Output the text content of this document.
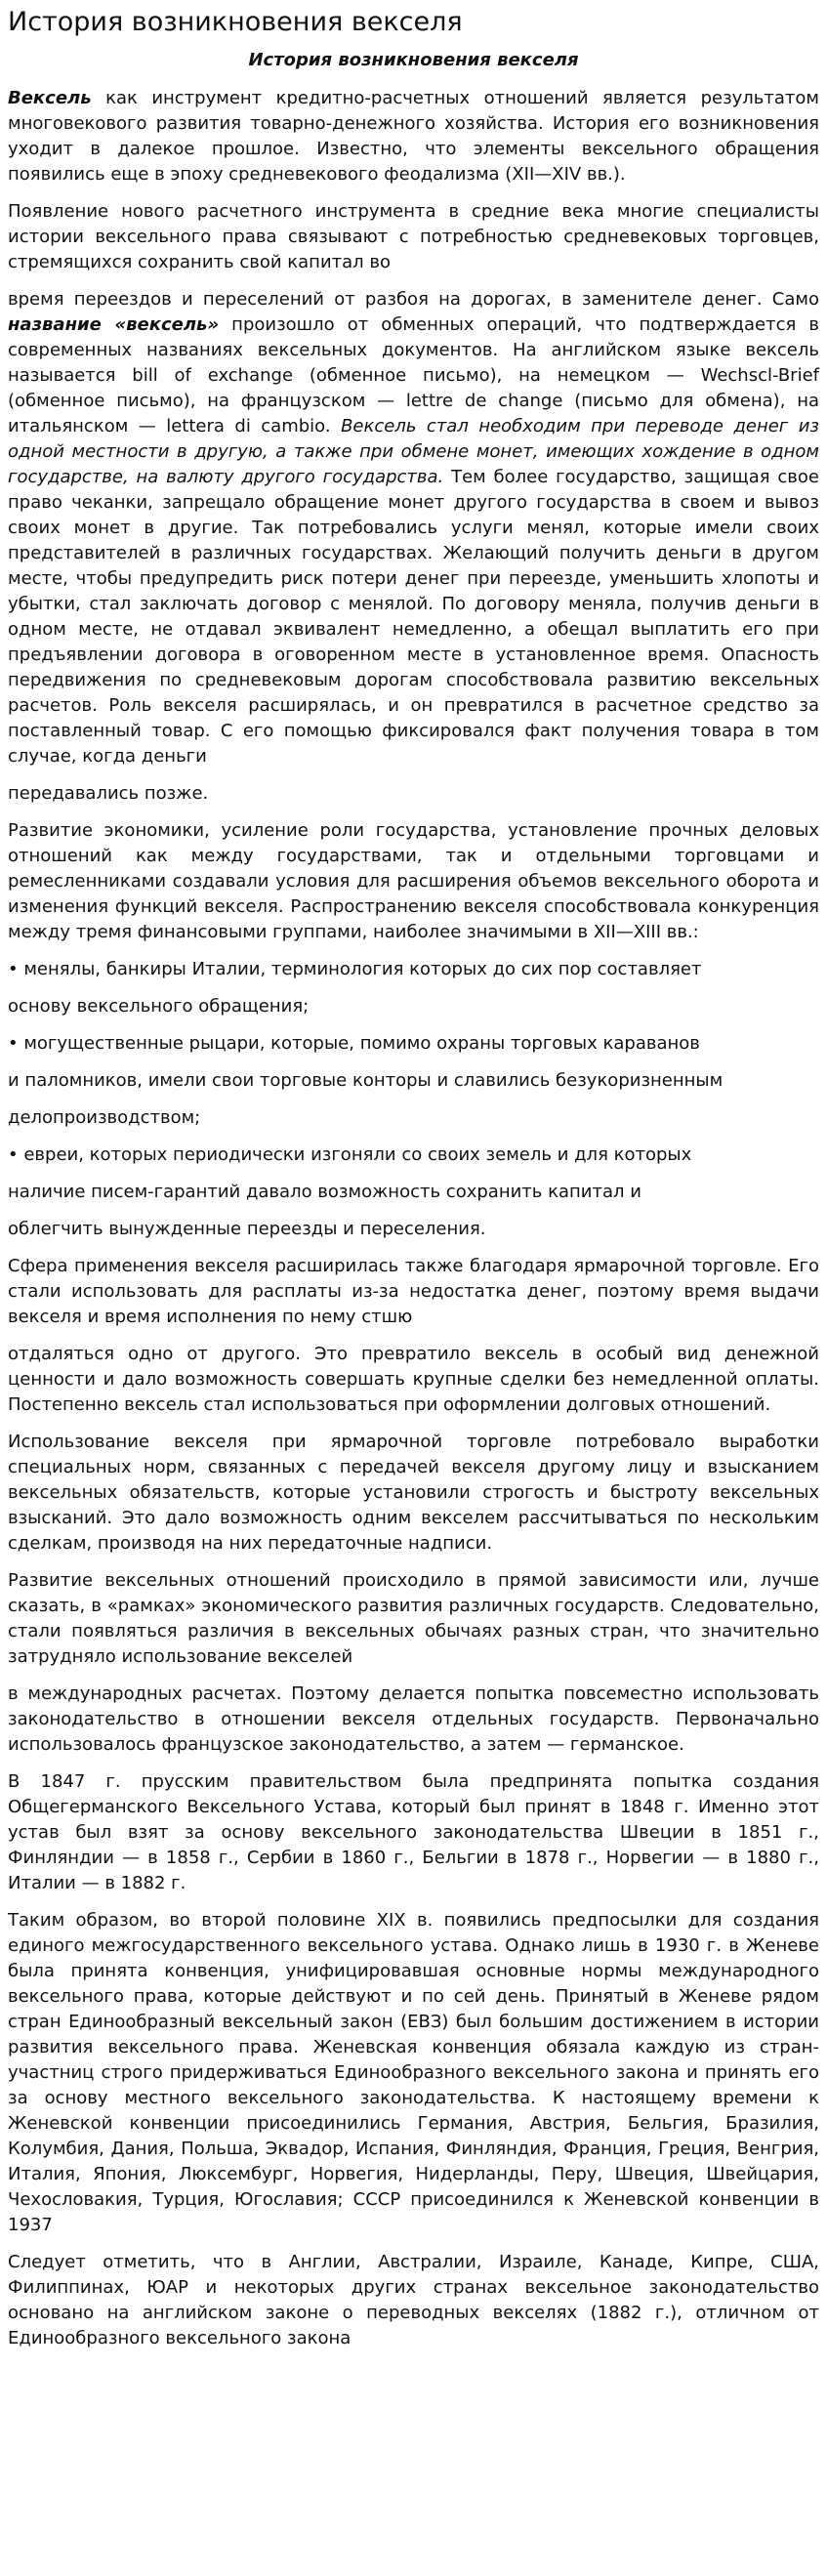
История возникновения векселя
История возникновения векселя

Вексель как инструмент кредитно-расчетных отношений является результатом многовекового развития товарно-денежного хозяйства. История его возникновения уходит в далекое прошлое. Известно, что элементы вексельного обращения появились еще в эпоху средневекового феодализма (XII—XIV вв.).

Появление нового расчетного инструмента в средние века многие специалисты истории вексельного права связывают с потребностью средневековых торговцев, стремящихся сохранить свой капитал во

время переездов и переселений от разбоя на дорогах, в заменителе денег. Само название «вексель» произошло от обменных операций, что подтверждается в современных названиях вексельных документов. На английском языке вексель называется bill of exchange (обменное письмо), на немецком — Wechscl-Brief (обменное письмо), на французском — lettre de change (письмо для обмена), на итальянском — lettera di cambio. Вексель стал необходим при переводе денег из одной местности в другую, а также при обмене монет, имеющих хождение в одном государстве, на валюту другого государства. Тем более государство, защищая свое право чеканки, запрещало обращение монет другого государства в своем и вывоз своих монет в другие. Так потребовались услуги менял, которые имели своих представителей в различных государствах. Желающий получить деньги в другом месте, чтобы предупредить риск потери денег при переезде, уменьшить хлопоты и убытки, стал заключать договор с менялой. По договору меняла, получив деньги в одном месте, не отдавал эквивалент немедленно, а обещал выплатить его при предъявлении договора в оговоренном месте в установленное время. Опасность передвижения по средневековым дорогам способствовала развитию вексельных расчетов. Роль векселя расширялась, и он превратился в расчетное средство за поставленный товар. С его помощью фиксировался факт получения товара в том случае, когда деньги

передавались позже.

Развитие экономики, усиление роли государства, установление прочных деловых отношений как между государствами, так и отдельными торговцами и ремесленниками создавали условия для расширения объемов вексельного оборота и изменения функций векселя. Распространению векселя способствовала конкуренция между тремя финансовыми группами, наиболее значимыми в XII—XIII вв.:

• менялы, банкиры Италии, терминология которых до сих пор составляет

основу вексельного обращения;

• могущественные рыцари, которые, помимо охраны торговых караванов

и паломников, имели свои торговые конторы и славились безукоризненным

делопроизводством;

• евреи, которых периодически изгоняли со своих земель и для которых

наличие писем-гарантий давало возможность сохранить капитал и

облегчить вынужденные переезды и переселения.

Сфера применения векселя расширилась также благодаря ярмарочной торговле. Его стали использовать для расплаты из-за недостатка денег, поэтому время выдачи векселя и время исполнения по нему стшю

отдаляться одно от другого. Это превратило вексель в особый вид денежной ценности и дало возможность совершать крупные сделки без немедленной оплаты. Постепенно вексель стал использоваться при оформлении долговых отношений.

Использование векселя при ярмарочной торговле потребовало выработки специальных норм, связанных с передачей векселя другому лицу и взысканием вексельных обязательств, которые установили строгость и быстроту вексельных взысканий. Это дало возможность одним векселем рассчитываться по нескольким сделкам, производя на них передаточные надписи.

Развитие вексельных отношений происходило в прямой зависимости или, лучше сказать, в «рамках» экономического развития различных государств. Следовательно, стали появляться различия в вексельных обычаях разных стран, что значительно затрудняло использование векселей

в международных расчетах. Поэтому делается попытка повсеместно использовать законодательство в отношении векселя отдельных государств. Первоначально использовалось французское законодательство, а затем — германское.

В 1847 г. прусским правительством была предпринята попытка создания Общегерманского Вексельного Устава, который был принят в 1848 г. Именно этот устав был взят за основу вексельного законодательства Швеции в 1851 г., Финляндии — в 1858 г., Сербии в 1860 г., Бельгии в 1878 г., Норвегии — в 1880 г., Италии — в 1882 г.

Таким образом, во второй половине XIX в. появились предпосылки для создания единого межгосударственного вексельного устава. Однако лишь в 1930 г. в Женеве была принята конвенция, унифицировавшая основные нормы международного вексельного права, которые действуют и по сей день. Принятый в Женеве рядом стран Единообразный вексельный закон (ЕВЗ) был большим достижением в истории развития вексельного права. Женевская конвенция обязала каждую из стран- участниц строго придерживаться Единообразного вексельного закона и принять его за основу местного вексельного законодательства. К настоящему времени к Женевской конвенции присоединились Германия, Австрия, Бельгия, Бразилия, Колумбия, Дания, Польша, Эквадор, Испания, Финляндия, Франция, Греция, Венгрия, Италия, Япония, Люксембург, Норвегия, Нидерланды, Перу, Швеция, Швейцария, Чехословакия, Турция, Югославия; СССР присоединился к Женевской конвенции в 1937

Следует отметить, что в Англии, Австралии, Израиле, Канаде, Кипре, США, Филиппинах, ЮАР и некоторых других странах вексельное законодательство основано на английском законе о переводных векселях (1882 г.), отличном от Единообразного вексельного закона
